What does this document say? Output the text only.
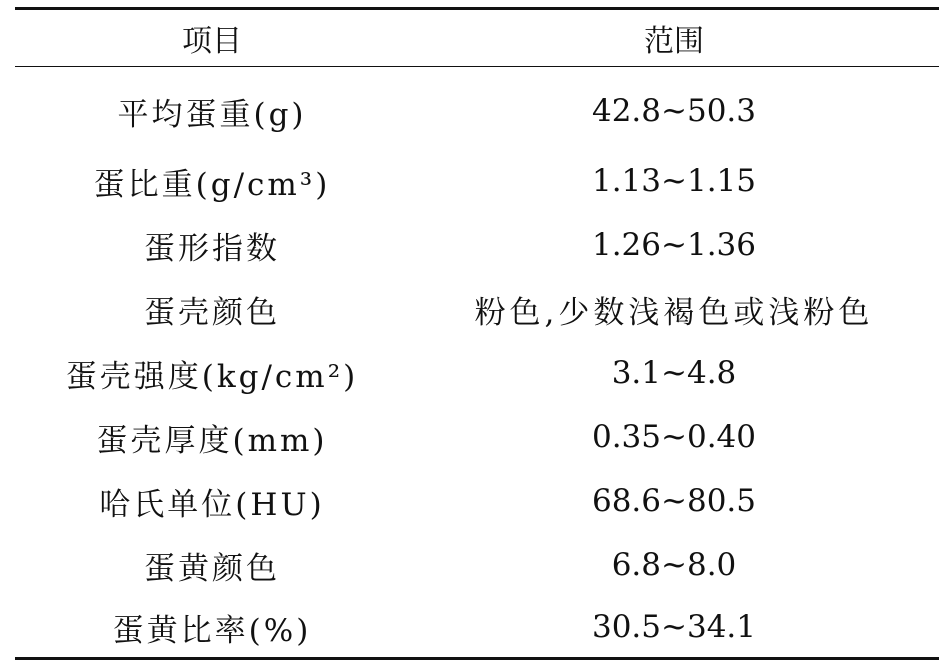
项目	范围
平均蛋重(g)	42.8~50.3
蛋比重(g/cm³)	1.13~1.15
蛋形指数	1.26~1.36
蛋壳颜色	粉色,少数浅褐色或浅粉色
蛋壳强度(kg/cm²)	3.1~4.8
蛋壳厚度(mm)	0.35~0.40
哈氏单位(HU)	68.6~80.5
蛋黄颜色	6.8~8.0
蛋黄比率(%)	30.5~34.1
